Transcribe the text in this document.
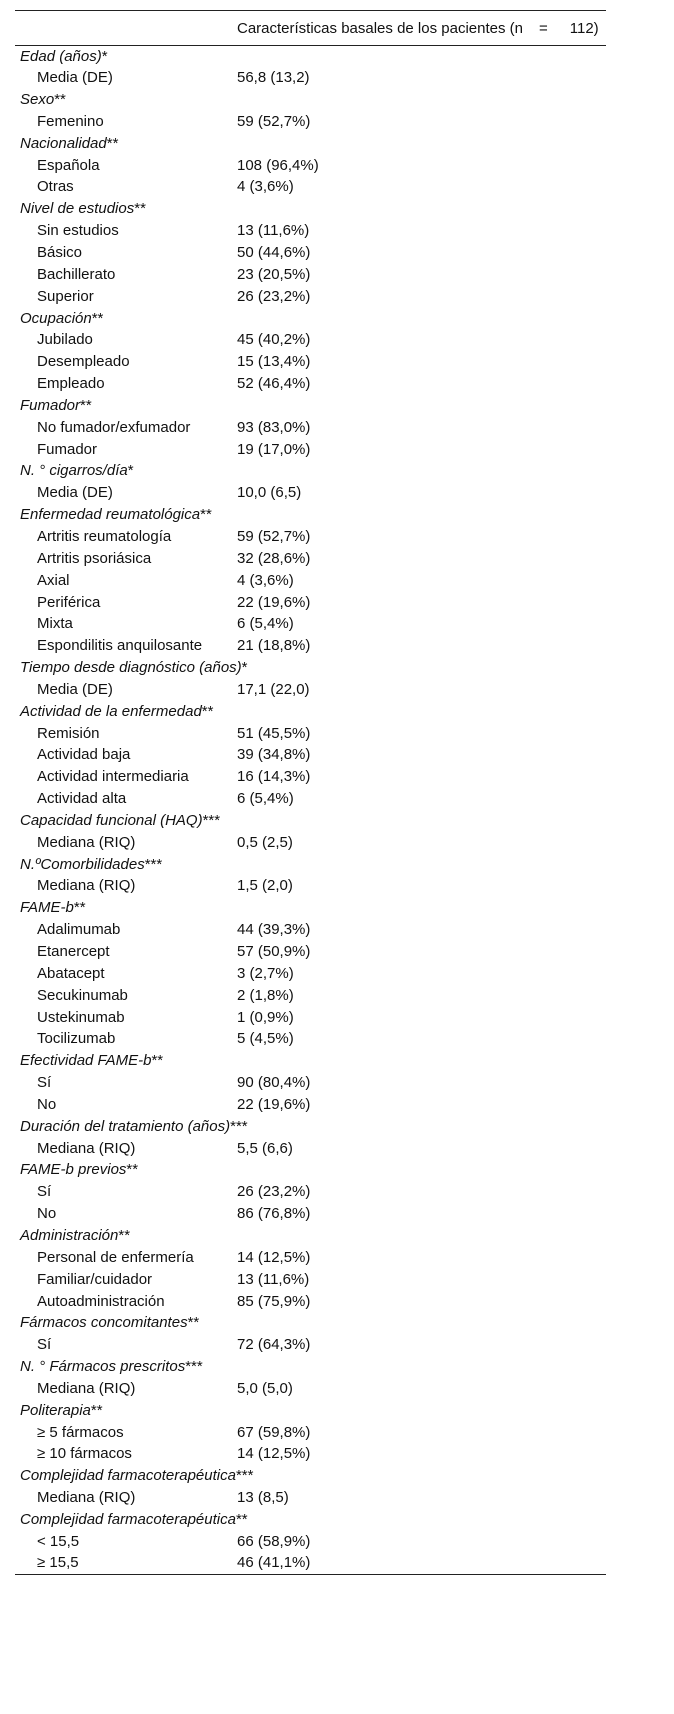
	Características basales de los pacientes (n = 112)
Edad (años)*	
Media (DE)	56,8 (13,2)
Sexo**	
Femenino	59 (52,7%)
Nacionalidad**	
Española	108 (96,4%)
Otras	4 (3,6%)
Nivel de estudios**	
Sin estudios	13 (11,6%)
Básico	50 (44,6%)
Bachillerato	23 (20,5%)
Superior	26 (23,2%)
Ocupación**	
Jubilado	45 (40,2%)
Desempleado	15 (13,4%)
Empleado	52 (46,4%)
Fumador**	
No fumador/exfumador	93 (83,0%)
Fumador	19 (17,0%)
N. ° cigarros/día*	
Media (DE)	10,0 (6,5)
Enfermedad reumatológica**	
Artritis reumatología	59 (52,7%)
Artritis psoriásica	32 (28,6%)
Axial	4 (3,6%)
Periférica	22 (19,6%)
Mixta	6 (5,4%)
Espondilitis anquilosante	21 (18,8%)
Tiempo desde diagnóstico (años)*	
Media (DE)	17,1 (22,0)
Actividad de la enfermedad**	
Remisión	51 (45,5%)
Actividad baja	39 (34,8%)
Actividad intermediaria	16 (14,3%)
Actividad alta	6 (5,4%)
Capacidad funcional (HAQ)***	
Mediana (RIQ)	0,5 (2,5)
N.ºComorbilidades***	
Mediana (RIQ)	1,5 (2,0)
FAME-b**	
Adalimumab	44 (39,3%)
Etanercept	57 (50,9%)
Abatacept	3 (2,7%)
Secukinumab	2 (1,8%)
Ustekinumab	1 (0,9%)
Tocilizumab	5 (4,5%)
Efectividad FAME-b**	
Sí	90 (80,4%)
No	22 (19,6%)
Duración del tratamiento (años)***	
Mediana (RIQ)	5,5 (6,6)
FAME-b previos**	
Sí	26 (23,2%)
No	86 (76,8%)
Administración**	
Personal de enfermería	14 (12,5%)
Familiar/cuidador	13 (11,6%)
Autoadministración	85 (75,9%)
Fármacos concomitantes**	
Sí	72 (64,3%)
N. ° Fármacos prescritos***	
Mediana (RIQ)	5,0 (5,0)
Politerapia**	
≥ 5 fármacos	67 (59,8%)
≥ 10 fármacos	14 (12,5%)
Complejidad farmacoterapéutica***	
Mediana (RIQ)	13 (8,5)
Complejidad farmacoterapéutica**	
< 15,5	66 (58,9%)
≥ 15,5	46 (41,1%)
